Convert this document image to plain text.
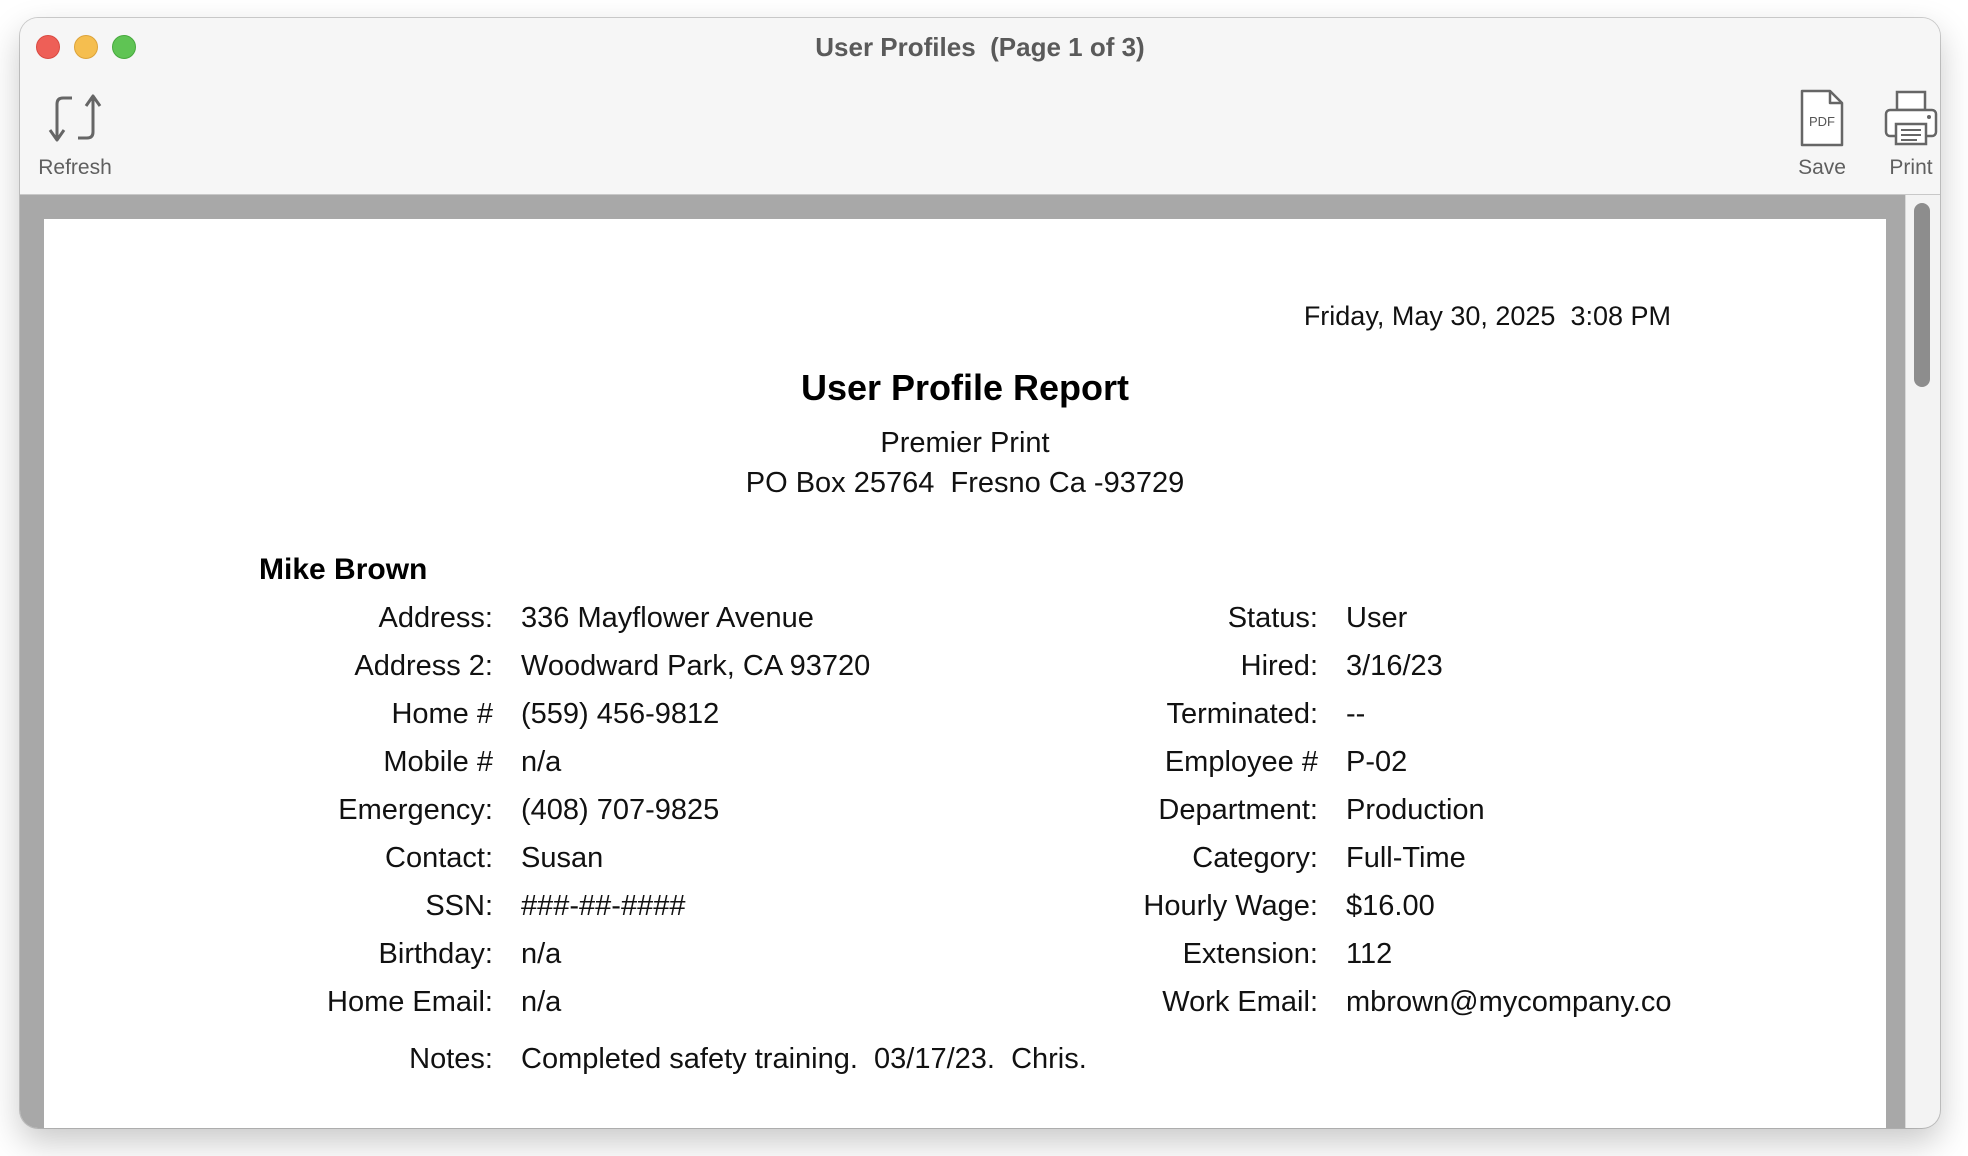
User Profiles  (Page 1 of 3)
Refresh
PDF
Save	Print
Friday, May 30, 2025  3:08 PM
User Profile Report
Premier Print
PO Box 25764  Fresno Ca -93729
Mike Brown
Address: 336 Mayflower Avenue
Address 2: Woodward Park, CA 93720
Home # (559) 456-9812
Mobile # n/a
Emergency: (408) 707-9825
Contact: Susan
SSN: ###-##-####
Birthday: n/a
Home Email: n/a
Status: User
Hired: 3/16/23
Terminated: --
Employee # P-02
Department: Production
Category: Full-Time
Hourly Wage: $16.00
Extension: 112
Work Email: mbrown@mycompany.co
Notes: Completed safety training.  03/17/23.  Chris.
